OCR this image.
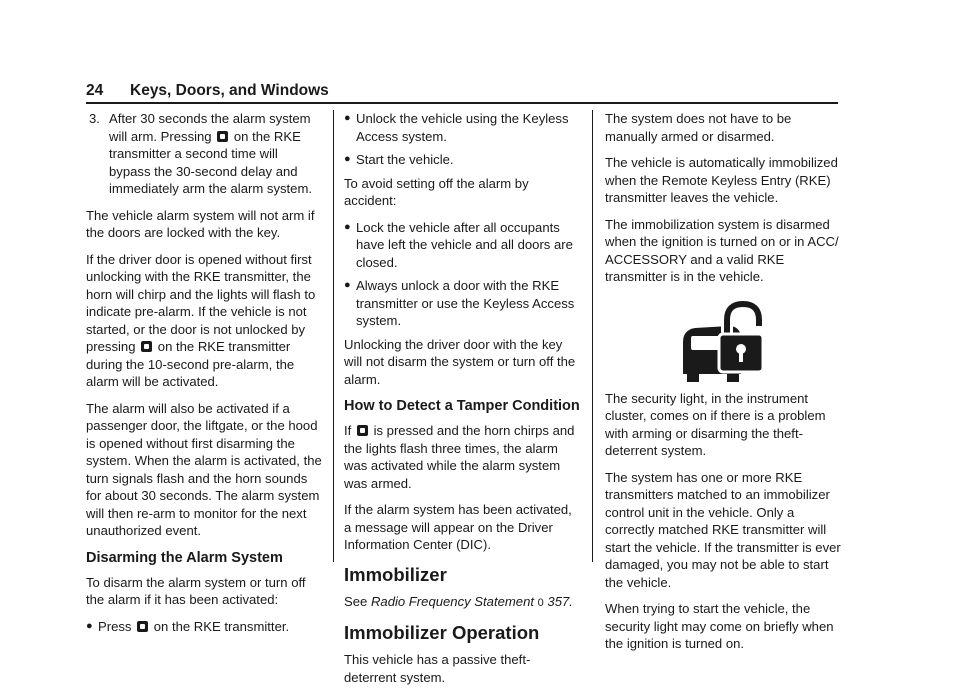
24 Keys, Doors, and Windows
3. After 30 seconds the alarm system will arm. Pressing on the RKE transmitter a second time will bypass the 30-second delay and immediately arm the alarm system.

The vehicle alarm system will not arm if the doors are locked with the key.

If the driver door is opened without first unlocking with the RKE transmitter, the horn will chirp and the lights will flash to indicate pre-alarm. If the vehicle is not started, or the door is not unlocked by pressing on the RKE transmitter during the 10-second pre-alarm, the alarm will be activated.

The alarm will also be activated if a passenger door, the liftgate, or the hood is opened without first disarming the system. When the alarm is activated, the turn signals flash and the horn sounds for about 30 seconds. The alarm system will then re-arm to monitor for the next unauthorized event.

Disarming the Alarm System

To disarm the alarm system or turn off the alarm if it has been activated:

● Press on the RKE transmitter.
● Unlock the vehicle using the Keyless Access system.
● Start the vehicle.

To avoid setting off the alarm by accident:

● Lock the vehicle after all occupants have left the vehicle and all doors are closed.
● Always unlock a door with the RKE transmitter or use the Keyless Access system.

Unlocking the driver door with the key will not disarm the system or turn off the alarm.

How to Detect a Tamper Condition

If is pressed and the horn chirps and the lights flash three times, the alarm was activated while the alarm system was armed.

If the alarm system has been activated, a message will appear on the Driver Information Center (DIC).

Immobilizer

See Radio Frequency Statement 0 357.

Immobilizer Operation

This vehicle has a passive theft-deterrent system.

The system does not have to be manually armed or disarmed.

The vehicle is automatically immobilized when the Remote Keyless Entry (RKE) transmitter leaves the vehicle.

The immobilization system is disarmed when the ignition is turned on or in ACC/ ACCESSORY and a valid RKE transmitter is in the vehicle.

The security light, in the instrument cluster, comes on if there is a problem with arming or disarming the theft-deterrent system.

The system has one or more RKE transmitters matched to an immobilizer control unit in the vehicle. Only a correctly matched RKE transmitter will start the vehicle. If the transmitter is ever damaged, you may not be able to start the vehicle.

When trying to start the vehicle, the security light may come on briefly when the ignition is turned on.
